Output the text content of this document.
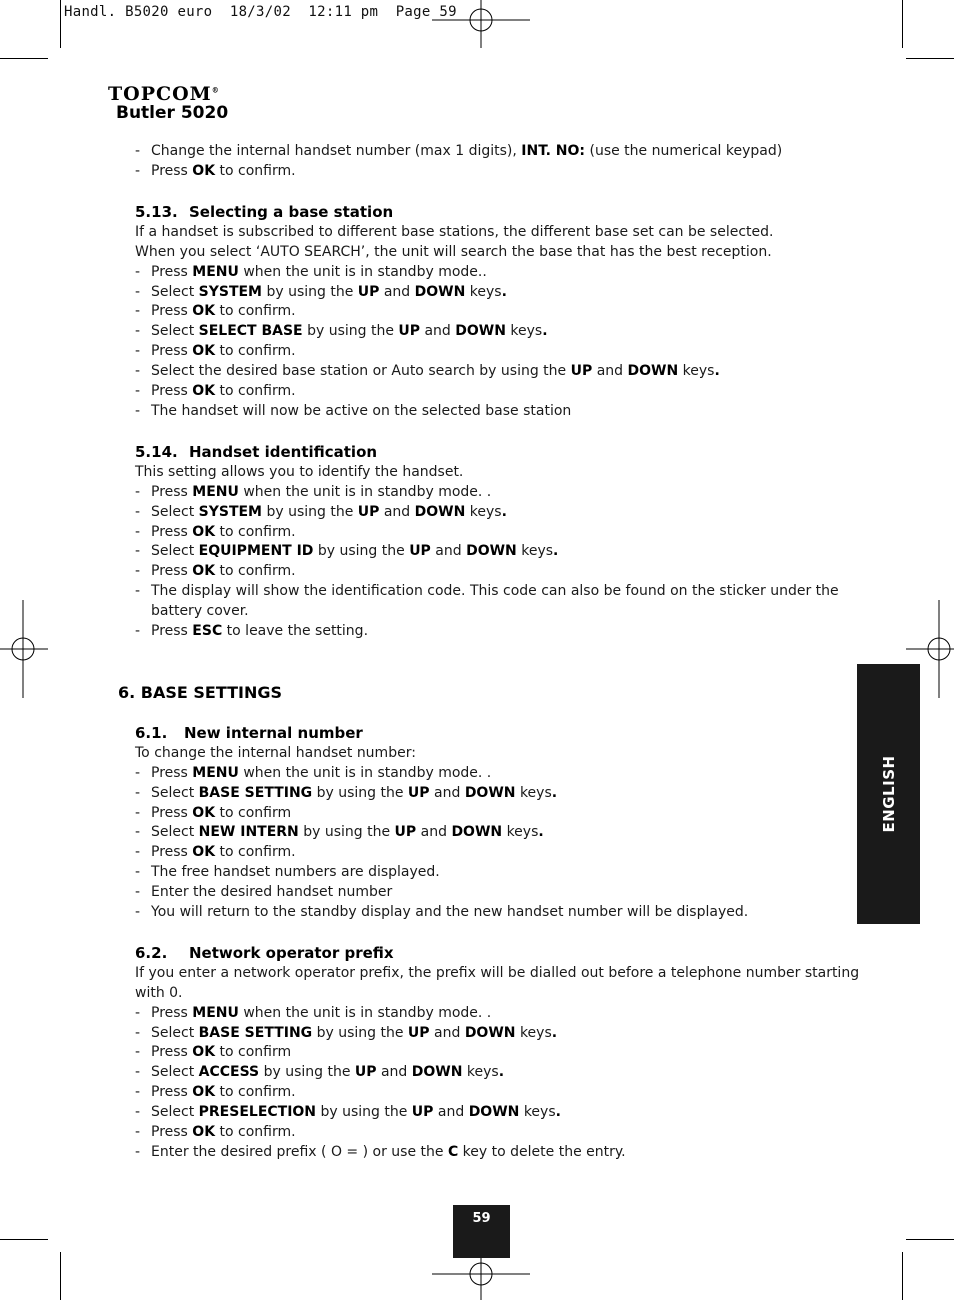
Handl. B5020 euro  18/3/02  12:11 pm  Page 59
TOPCOM®
Butler 5020
- Change the internal handset number (max 1 digits), INT. NO: (use the numerical keypad)
- Press OK to confirm.
5.13. Selecting a base station
If a handset is subscribed to different base stations, the different base set can be selected.
When you select ‘AUTO SEARCH’, the unit will search the base that has the best reception.
- Press MENU when the unit is in standby mode..
- Select SYSTEM by using the UP and DOWN keys.
- Press OK to confirm.
- Select SELECT BASE by using the UP and DOWN keys.
- Press OK to confirm.
- Select the desired base station or Auto search by using the UP and DOWN keys.
- Press OK to confirm.
- The handset will now be active on the selected base station
5.14. Handset identification
This setting allows you to identify the handset.
- Press MENU when the unit is in standby mode. .
- Select SYSTEM by using the UP and DOWN keys.
- Press OK to confirm.
- Select EQUIPMENT ID by using the UP and DOWN keys.
- Press OK to confirm.
- The display will show the identification code. This code can also be found on the sticker under the
battery cover.
- Press ESC to leave the setting.
6.1. New internal number
To change the internal handset number:
- Press MENU when the unit is in standby mode. .
- Select BASE SETTING by using the UP and DOWN keys.
- Press OK to confirm
- Select NEW INTERN by using the UP and DOWN keys.
- Press OK to confirm.
- The free handset numbers are displayed.
- Enter the desired handset number
- You will return to the standby display and the new handset number will be displayed.
6.2. Network operator prefix
If you enter a network operator prefix, the prefix will be dialled out before a telephone number starting
with 0.
- Press MENU when the unit is in standby mode. .
- Select BASE SETTING by using the UP and DOWN keys.
- Press OK to confirm
- Select ACCESS by using the UP and DOWN keys.
- Press OK to confirm.
- Select PRESELECTION by using the UP and DOWN keys.
- Press OK to confirm.
- Enter the desired prefix ( O = ) or use the C key to delete the entry.
6. BASE SETTINGS
ENGLISH
59
